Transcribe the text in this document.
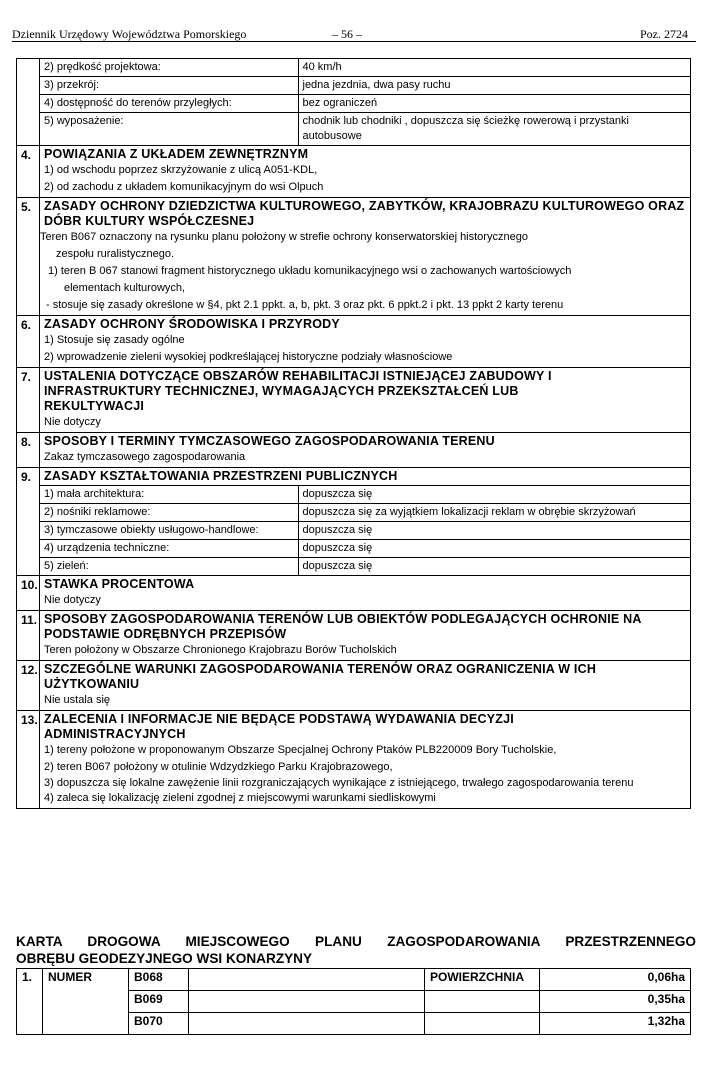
Dziennik Urzędowy Województwa Pomorskiego	– 56 –	Poz. 2724

2) prędkość projektowa:	40 km/h
3) przekrój:	jedna jezdnia, dwa pasy ruchu
4) dostępność do terenów przyległych:	bez ograniczeń
5) wyposażenie:	chodnik lub chodniki , dopuszcza się ścieżkę rowerową i przystanki autobusowe

4.	POWIĄZANIA Z UKŁADEM ZEWNĘTRZNYM
1) od wschodu poprzez skrzyżowanie z ulicą A051-KDL,
2) od zachodu z układem komunikacyjnym do wsi Olpuch

5.	ZASADY OCHRONY DZIEDZICTWA KULTUROWEGO, ZABYTKÓW, KRAJOBRAZU KULTUROWEGO ORAZ DÓBR KULTURY WSPÓŁCZESNEJ
Teren B067 oznaczony na rysunku planu położony w strefie ochrony konserwatorskiej historycznego
zespołu ruralistycznego.
1) teren B 067 stanowi fragment historycznego układu komunikacyjnego wsi o zachowanych wartościowych
elementach kulturowych,
- stosuje się zasady określone w §4, pkt 2.1 ppkt. a, b, pkt. 3 oraz pkt. 6 ppkt.2 i pkt. 13 ppkt 2 karty terenu

6.	ZASADY OCHRONY ŚRODOWISKA I PRZYRODY
1) Stosuje się zasady ogólne
2) wprowadzenie zieleni wysokiej podkreślającej historyczne podziały własnościowe

7.	USTALENIA DOTYCZĄCE OBSZARÓW REHABILITACJI ISTNIEJĄCEJ ZABUDOWY I INFRASTRUKTURY TECHNICZNEJ, WYMAGAJĄCYCH PRZEKSZTAŁCEŃ LUB REKULTYWACJI
Nie dotyczy

8.	SPOSOBY I TERMINY TYMCZASOWEGO ZAGOSPODAROWANIA TERENU
Zakaz tymczasowego zagospodarowania

9.	ZASADY KSZTAŁTOWANIA PRZESTRZENI PUBLICZNYCH
1) mała architektura:	dopuszcza się
2) nośniki reklamowe:	dopuszcza się za wyjątkiem lokalizacji reklam w obrębie skrzyżowań
3) tymczasowe obiekty usługowo-handlowe:	dopuszcza się
4) urządzenia techniczne:	dopuszcza się
5) zieleń:	dopuszcza się

10.	STAWKA PROCENTOWA
Nie dotyczy

11.	SPOSOBY ZAGOSPODAROWANIA TERENÓW LUB OBIEKTÓW PODLEGAJĄCYCH OCHRONIE NA PODSTAWIE ODRĘBNYCH PRZEPISÓW
Teren położony w Obszarze Chronionego Krajobrazu Borów Tucholskich

12.	SZCZEGÓLNE WARUNKI ZAGOSPODAROWANIA TERENÓW ORAZ OGRANICZENIA W ICH UŻYTKOWANIU
Nie ustala się

13.	ZALECENIA I INFORMACJE NIE BĘDĄCE PODSTAWĄ WYDAWANIA DECYZJI ADMINISTRACYJNYCH
1) tereny położone w proponowanym Obszarze Specjalnej Ochrony Ptaków PLB220009 Bory Tucholskie,
2) teren B067 położony w otulinie Wdzydzkiego Parku Krajobrazowego,
3) dopuszcza się lokalne zawężenie linii rozgraniczających wynikające z istniejącego, trwałego zagospodarowania terenu
4) zaleca się lokalizację zieleni zgodnej z miejscowymi warunkami siedliskowymi
KARTA DROGOWA MIEJSCOWEGO PLANU ZAGOSPODAROWANIA PRZESTRZENNEGO
OBRĘBU GEODEZYJNEGO WSI KONARZYNY
1.	NUMER	B068		POWIERZCHNIA	0,06ha
		B069			0,35ha
		B070			1,32ha
